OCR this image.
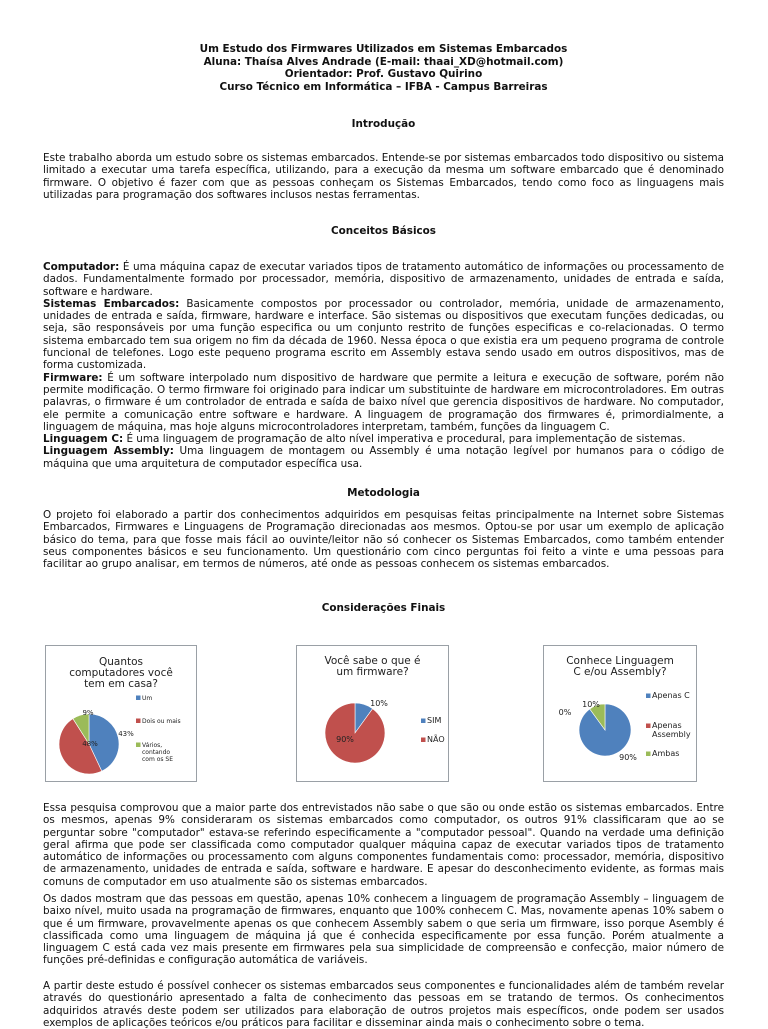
Um Estudo dos Firmwares Utilizados em Sistemas Embarcados
Aluna: Thaísa Alves Andrade (E-mail: thaai_XD@hotmail.com)
Orientador: Prof. Gustavo Quirino
Curso Técnico em Informática – IFBA - Campus Barreiras
Introdução

Este trabalho aborda um estudo sobre os sistemas embarcados. Entende-se por sistemas embarcados todo dispositivo ou sistema limitado a executar uma tarefa específica, utilizando, para a execução da mesma um software embarcado que é denominado firmware. O objetivo é fazer com que as pessoas conheçam os Sistemas Embarcados, tendo como foco as linguagens mais utilizadas para programação dos softwares inclusos nestas ferramentas.

Conceitos Básicos
Computador: É uma máquina capaz de executar variados tipos de tratamento automático de informações ou processamento de dados. Fundamentalmente formado por processador, memória, dispositivo de armazenamento, unidades de entrada e saída, software e hardware.
Sistemas Embarcados: Basicamente compostos por processador ou controlador, memória, unidade de armazenamento, unidades de entrada e saída, firmware, hardware e interface. São sistemas ou dispositivos que executam funções dedicadas, ou seja, são responsáveis por uma função especifica ou um conjunto restrito de funções especificas e co-relacionadas. O termo sistema embarcado tem sua origem no fim da década de 1960. Nessa época o que existia era um pequeno programa de controle funcional de telefones. Logo este pequeno programa escrito em Assembly estava sendo usado em outros dispositivos, mas de forma customizada.
Firmware: É um software interpolado num dispositivo de hardware que permite a leitura e execução de software, porém não permite modificação. O termo firmware foi originado para indicar um substituinte de hardware em microcontroladores. Em outras palavras, o firmware é um controlador de entrada e saída de baixo nível que gerencia dispositivos de hardware. No computador, ele permite a comunicação entre software e hardware. A linguagem de programação dos firmwares é, primordialmente, a linguagem de máquina, mas hoje alguns microcontroladores interpretam, também, funções da linguagem C.
Linguagem C: É uma linguagem de programação de alto nível imperativa e procedural, para implementação de sistemas.
Linguagem Assembly: Uma linguagem de montagem ou Assembly é uma notação legível por humanos para o código de máquina que uma arquitetura de computador específica usa.
Metodologia

O projeto foi elaborado a partir dos conhecimentos adquiridos em pesquisas feitas principalmente na Internet sobre Sistemas Embarcados, Firmwares e Linguagens de Programação direcionadas aos mesmos. Optou-se por usar um exemplo de aplicação básico do tema, para que fosse mais fácil ao ouvinte/leitor não só conhecer os Sistemas Embarcados, como também entender seus componentes básicos e seu funcionamento. Um questionário com cinco perguntas foi feito a vinte e uma pessoas para facilitar ao grupo analisar, em termos de números, até onde as pessoas conhecem os sistemas embarcados.

Considerações Finais
Quantos computadores você tem em casa?
43%
48%
9%
Um
Dois ou mais
Vários, contando com os SE
Você sabe o que é um firmware?
10%
90%
SIM
NÃO
Conhece Linguagem C e/ou Assembly?
90%
0%
10%
Apenas C
Apenas Assembly
Ambas

Essa pesquisa comprovou que a maior parte dos entrevistados não sabe o que são ou onde estão os sistemas embarcados. Entre os mesmos, apenas 9% consideraram os sistemas embarcados como computador, os outros 91% classificaram que ao se perguntar sobre "computador" estava-se referindo especificamente a "computador pessoal". Quando na verdade uma definição geral afirma que pode ser classificada como computador qualquer máquina capaz de executar variados tipos de tratamento automático de informações ou processamento com alguns componentes fundamentais como: processador, memória, dispositivo de armazenamento, unidades de entrada e saída, software e hardware. E apesar do desconhecimento evidente, as formas mais comuns de computador em uso atualmente são os sistemas embarcados.

Os dados mostram que das pessoas em questão, apenas 10% conhecem a linguagem de programação Assembly – linguagem de baixo nível, muito usada na programação de firmwares, enquanto que 100% conhecem C. Mas, novamente apenas 10% sabem o que é um firmware, provavelmente apenas os que conhecem Assembly sabem o que seria um firmware, isso porque Asembly é classificada como uma linguagem de máquina já que é conhecida especificamente por essa função. Porém atualmente a linguagem C está cada vez mais presente em firmwares pela sua simplicidade de compreensão e confecção, maior número de funções pré-definidas e configuração automática de variáveis.

A partir deste estudo é possível conhecer os sistemas embarcados seus componentes e funcionalidades além de também revelar através do questionário apresentado a falta de conhecimento das pessoas em se tratando de termos. Os conhecimentos adquiridos através deste podem ser utilizados para elaboração de outros projetos mais específicos, onde podem ser usados exemplos de aplicações teóricos e/ou práticos para facilitar e disseminar ainda mais o conhecimento sobre o tema.
